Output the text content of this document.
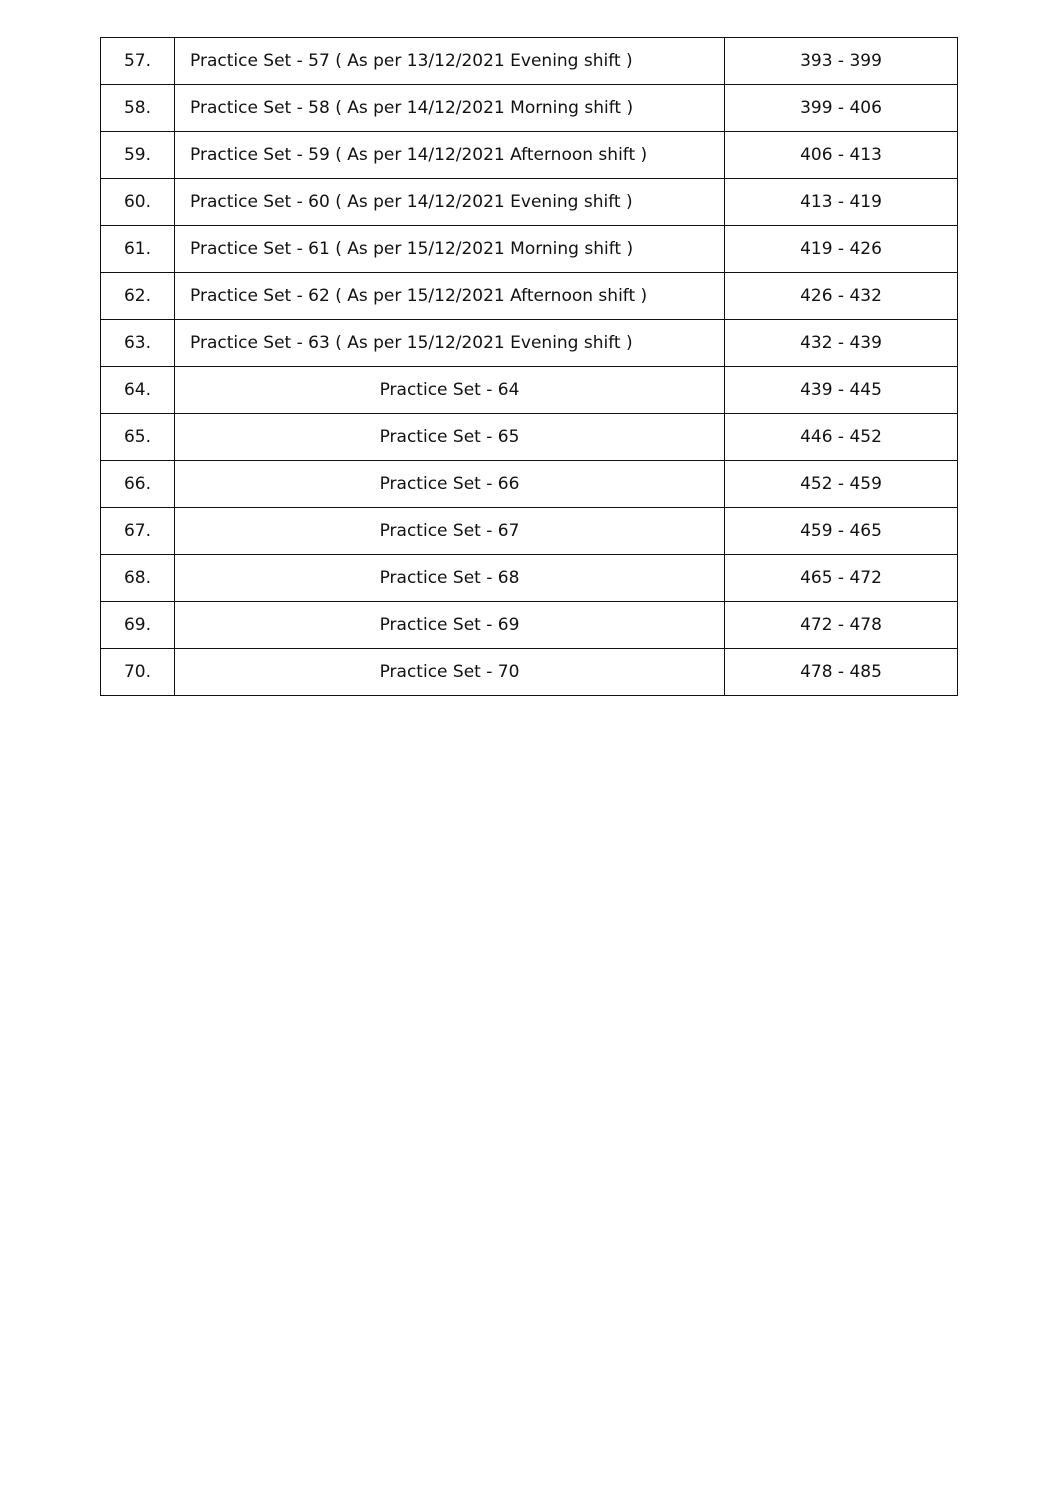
57.	Practice Set - 57 ( As per 13/12/2021 Evening shift )	393 - 399
58.	Practice Set - 58 ( As per 14/12/2021 Morning shift )	399 - 406
59.	Practice Set - 59 ( As per 14/12/2021 Afternoon shift )	406 - 413
60.	Practice Set - 60 ( As per 14/12/2021 Evening shift )	413 - 419
61.	Practice Set - 61 ( As per 15/12/2021 Morning shift )	419 - 426
62.	Practice Set - 62 ( As per 15/12/2021 Afternoon shift )	426 - 432
63.	Practice Set - 63 ( As per 15/12/2021 Evening shift )	432 - 439
64.	Practice Set - 64	439 - 445
65.	Practice Set - 65	446 - 452
66.	Practice Set - 66	452 - 459
67.	Practice Set - 67	459 - 465
68.	Practice Set - 68	465 - 472
69.	Practice Set - 69	472 - 478
70.	Practice Set - 70	478 - 485
